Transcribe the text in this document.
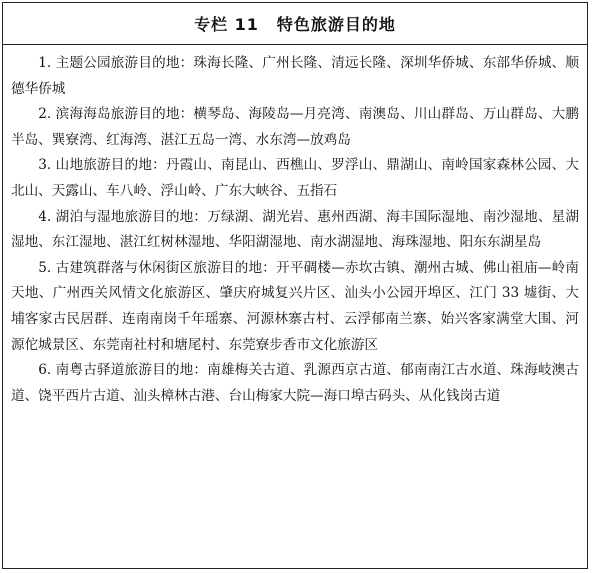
专栏 11 特色旅游目的地

1. 主题公园旅游目的地：珠海长隆、广州长隆、清远长隆、深圳华侨城、东部华侨城、顺德华侨城

2. 滨海海岛旅游目的地：横琴岛、海陵岛—月亮湾、南澳岛、川山群岛、万山群岛、大鹏半岛、巽寮湾、红海湾、湛江五岛一湾、水东湾—放鸡岛

3. 山地旅游目的地：丹霞山、南昆山、西樵山、罗浮山、鼎湖山、南岭国家森林公园、大北山、天露山、车八岭、浮山岭、广东大峡谷、五指石

4. 湖泊与湿地旅游目的地：万绿湖、湖光岩、惠州西湖、海丰国际湿地、南沙湿地、星湖湿地、东江湿地、湛江红树林湿地、华阳湖湿地、南水湖湿地、海珠湿地、阳东东湖星岛

5. 古建筑群落与休闲街区旅游目的地：开平碉楼—赤坎古镇、潮州古城、佛山祖庙—岭南天地、广州西关风情文化旅游区、肇庆府城复兴片区、汕头小公园开埠区、江门 33 墟街、大埔客家古民居群、连南南岗千年瑶寨、河源林寨古村、云浮郁南兰寨、始兴客家满堂大围、河源佗城景区、东莞南社村和塘尾村、东莞寮步香市文化旅游区

6. 南粤古驿道旅游目的地：南雄梅关古道、乳源西京古道、郁南南江古水道、珠海岐澳古道、饶平西片古道、汕头樟林古港、台山梅家大院—海口埠古码头、从化钱岗古道
